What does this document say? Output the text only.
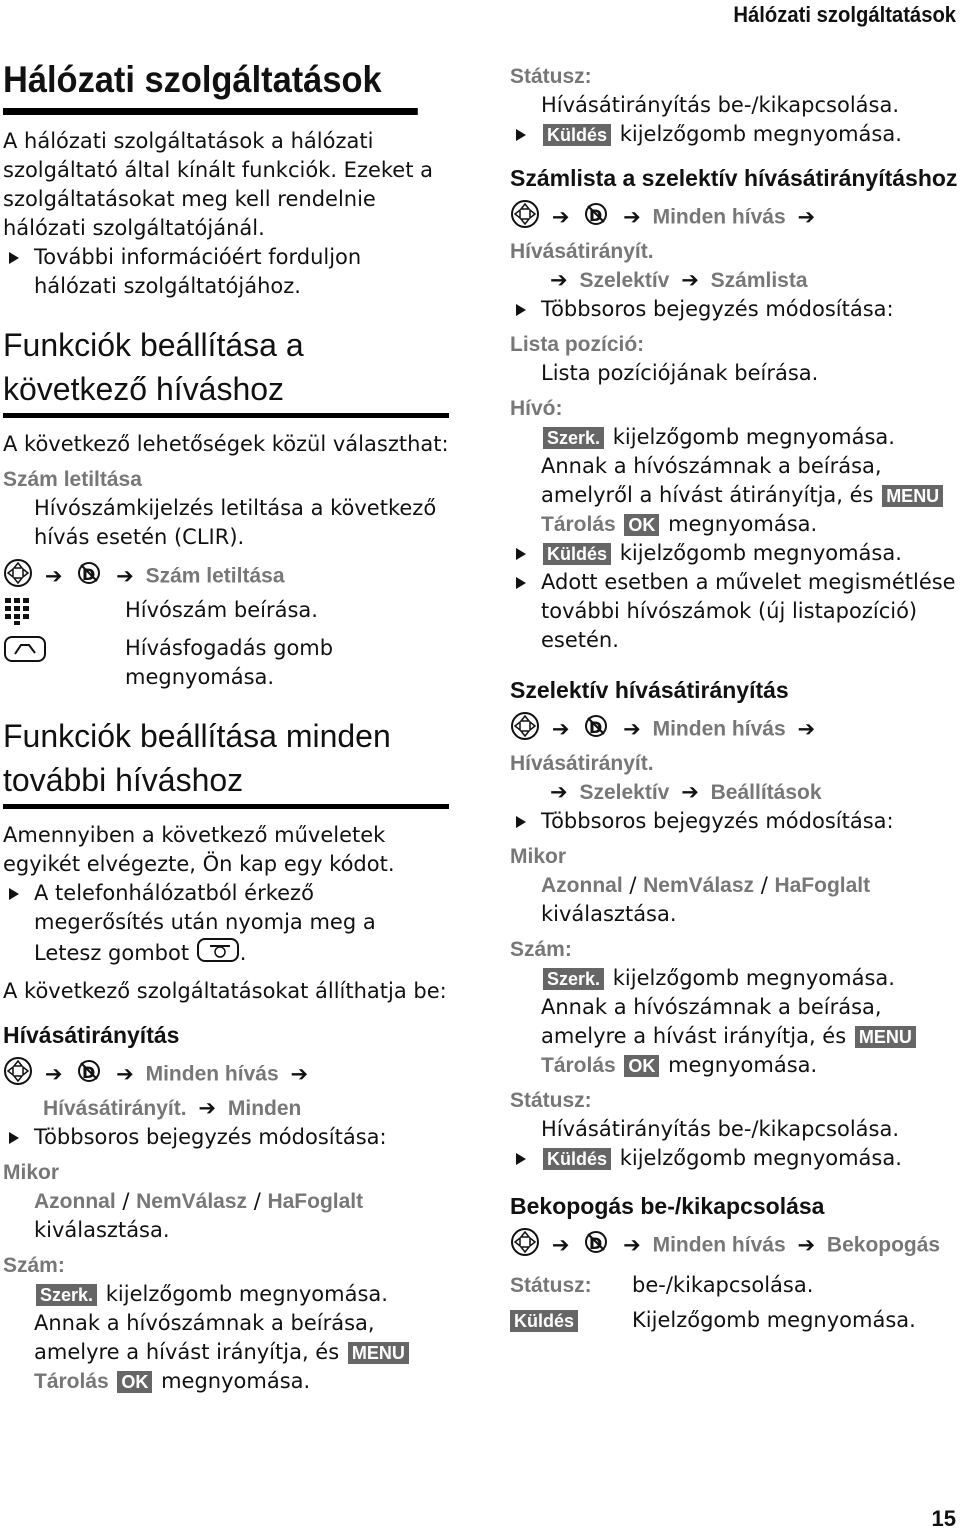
Hálózati szolgáltatások
Hálózati szolgáltatások

A hálózati szolgáltatások a hálózati szolgáltató által kínált funkciók. Ezeket a szolgáltatásokat meg kell rendelnie hálózati szolgáltatójánál.

További információért forduljon hálózati szolgáltatójához.
Funkciók beállítása a következő híváshoz

A következő lehetőségek közül választhat:

Szám letiltása
Hívószámkijelzés letiltása a következő hívás esetén (CLIR).
➔ D ➔ Szám letiltása
Hívószám beírása.
Hívásfogadás gomb megnyomása.
Funkciók beállítása minden további híváshoz

Amennyiben a következő műveletek egyikét elvégezte, Ön kap egy kódot.

A telefonhálózatból érkező megerősítés után nyomja meg a Letesz gombot .

A következő szolgáltatásokat állíthatja be:

Hívásátirányítás
➔ D ➔ Minden hívás ➔
Hívásátirányít. ➔ Minden
Többsoros bejegyzés módosítása:
Mikor
Azonnal / NemVálasz / HaFoglalt
kiválasztása.
Szám:
Szerk. kijelzőgomb megnyomása.
Annak a hívószámnak a beírása, amelyre a hívást irányítja, és MENU
Tárolás OK megnyomása.
Státusz:
Hívásátirányítás be-/kikapcsolása.
Küldés kijelzőgomb megnyomása.
Számlista a szelektív hívásátirányításhoz
➔ D ➔ Minden hívás ➔ Hívásátirányít.
➔ Szelektív ➔ Számlista
Többsoros bejegyzés módosítása:
Lista pozíció:
Lista pozíciójának beírása.
Hívó:
Szerk. kijelzőgomb megnyomása.
Annak a hívószámnak a beírása, amelyről a hívást átirányítja, és MENU
Tárolás OK megnyomása.
Küldés kijelzőgomb megnyomása.
Adott esetben a művelet megismétlése további hívószámok (új listapozíció) esetén.
Szelektív hívásátirányítás
➔ D ➔ Minden hívás ➔ Hívásátirányít.
➔ Szelektív ➔ Beállítások
Többsoros bejegyzés módosítása:
Mikor
Azonnal / NemVálasz / HaFoglalt
kiválasztása.
Szám:
Szerk. kijelzőgomb megnyomása.
Annak a hívószámnak a beírása, amelyre a hívást irányítja, és MENU
Tárolás OK megnyomása.
Státusz:
Hívásátirányítás be-/kikapcsolása.
Küldés kijelzőgomb megnyomása.
Bekopogás be-/kikapcsolása
➔ D ➔ Minden hívás ➔ Bekopogás
Státusz:	be-/kikapcsolása.
Küldés	Kijelzőgomb megnyomása.
15
